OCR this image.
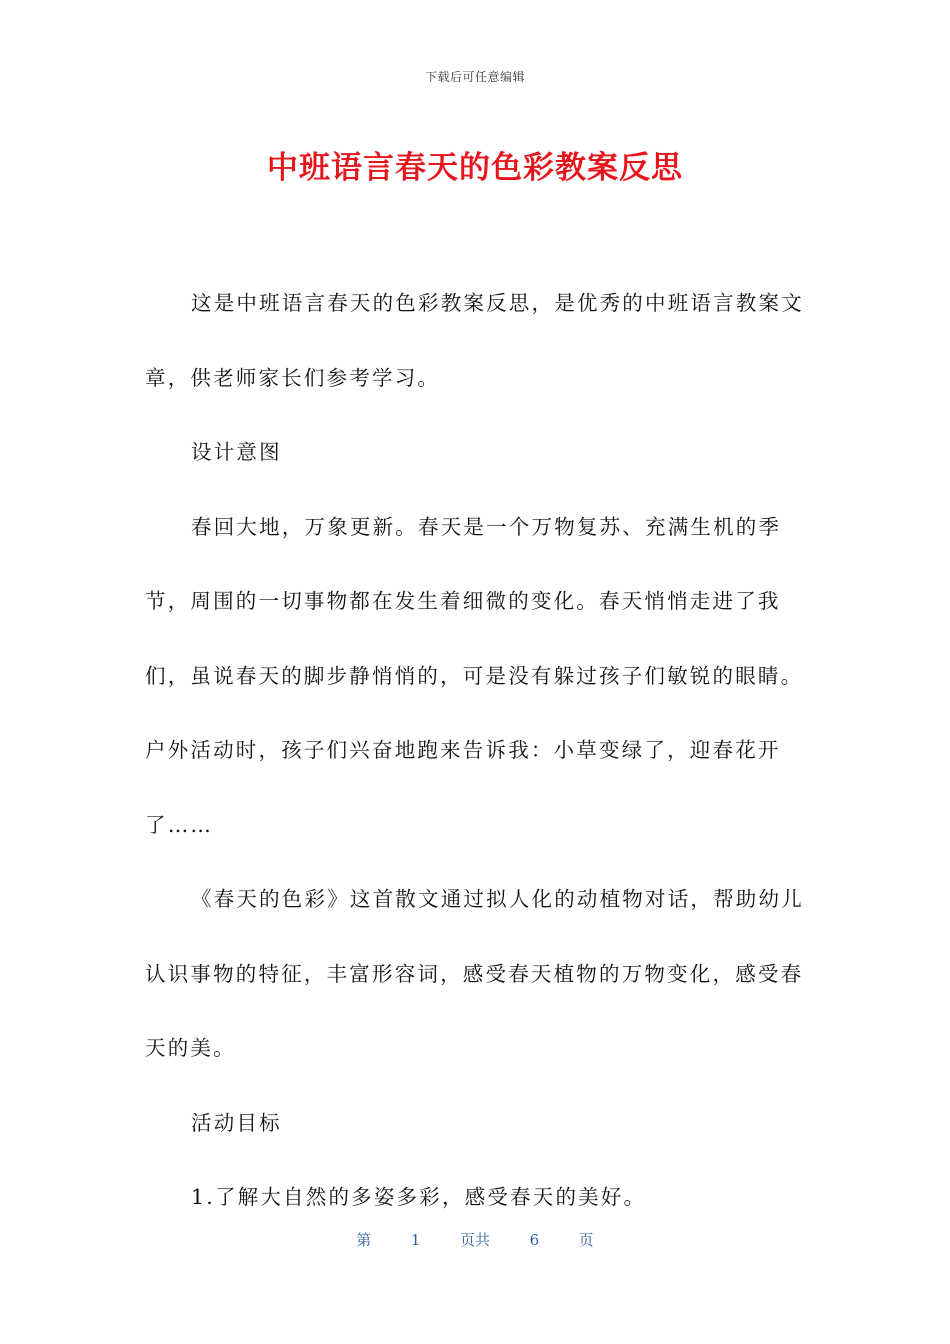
下载后可任意编辑
中班语言春天的色彩教案反思

这是中班语言春天的色彩教案反思，是优秀的中班语言教案文章，供老师家长们参考学习。

设计意图

春回大地，万象更新。春天是一个万物复苏、充满生机的季节，周围的一切事物都在发生着细微的变化。春天悄悄走进了我们，虽说春天的脚步静悄悄的，可是没有躲过孩子们敏锐的眼睛。户外活动时，孩子们兴奋地跑来告诉我：小草变绿了，迎春花开了……

《春天的色彩》这首散文通过拟人化的动植物对话，帮助幼儿认识事物的特征，丰富形容词，感受春天植物的万物变化，感受春天的美。

活动目标

1.了解大自然的多姿多彩，感受春天的美好。

第	1	页共	6	页
